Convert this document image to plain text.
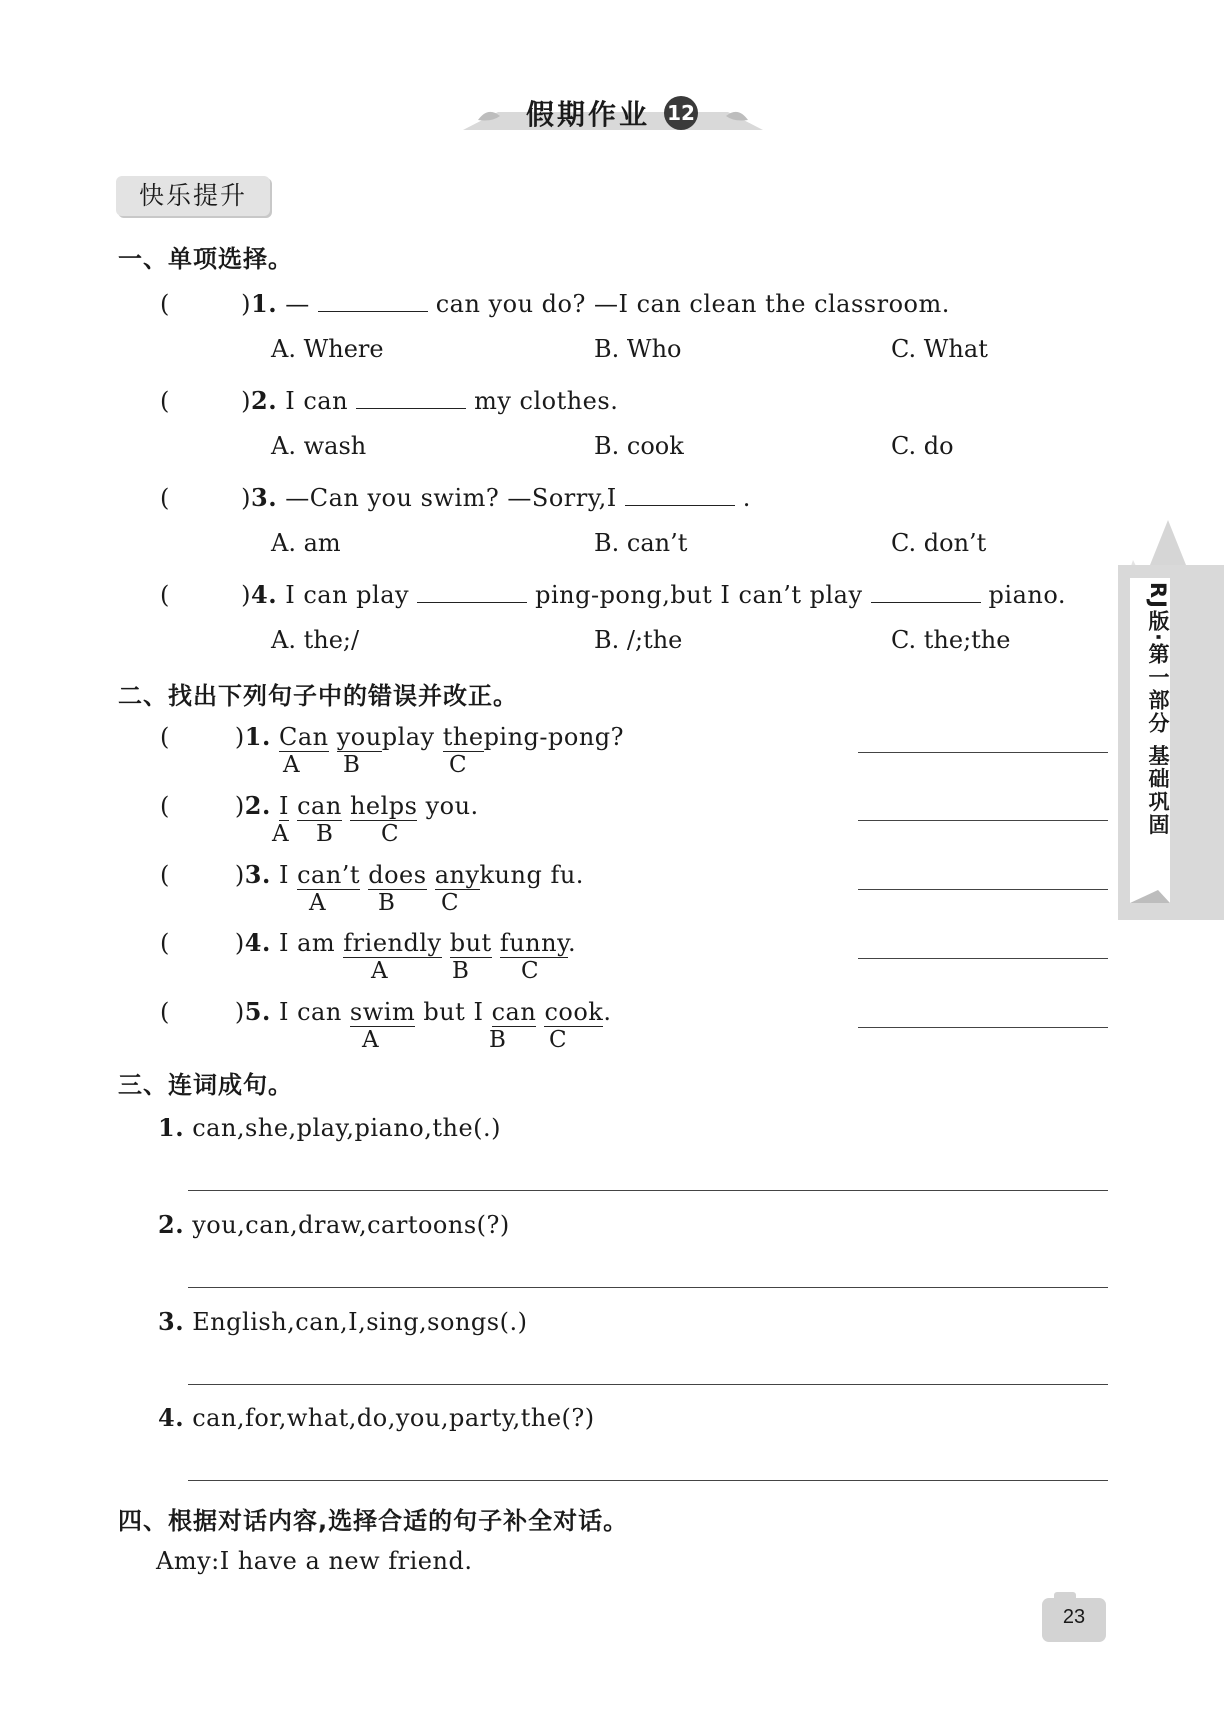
假期作业 12
快乐提升
RJ版·第一部分 基础巩固
一、单项选择。
(	)1. —	can you do? —I can clean the classroom.
A. Where	B. Who	C. What
(	)2. I can	my clothes.
A. wash	B. cook	C. do
(	)3. —Can you swim? —Sorry,I	.
A. am	B. can’t	C. don’t
(	)4. I can play	ping-pong,but I can’t play	piano.
A. the;/	B. /;the	C. the;the
二、找出下列句子中的错误并改正。
(	)1. Can youplay theping-pong?
A B	C
(	)2. I can helps you.
A B C
(	)3. I can’t does anykung fu.
A B C
(	)4. I am friendly but funny.
A	B C
(	)5. I can swim but I can cook.
A	B C
三、连词成句。
1. can,she,play,piano,the(.)
2. you,can,draw,cartoons(?)
3. English,can,I,sing,songs(.)
4. can,for,what,do,you,party,the(?)
四、根据对话内容,选择合适的句子补全对话。
Amy:I have a new friend.
23
